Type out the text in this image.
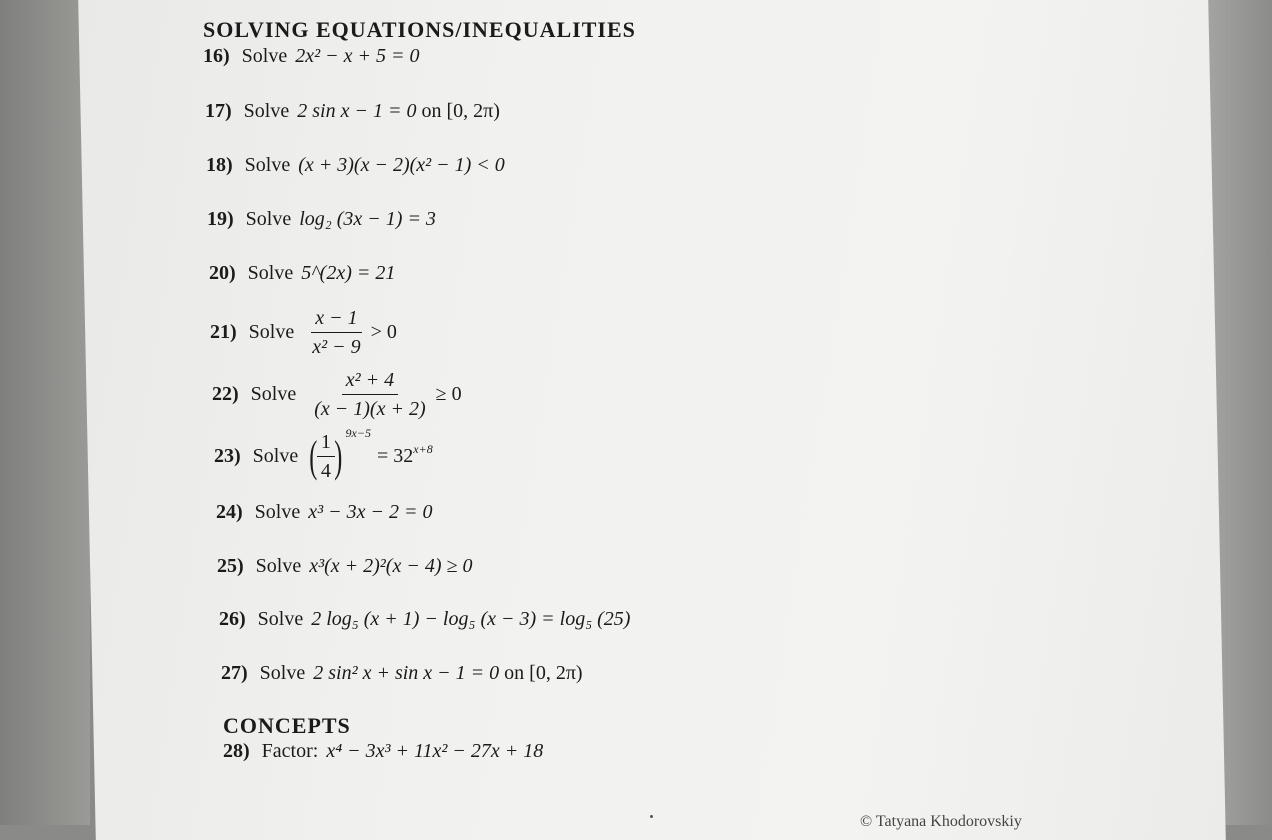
SOLVING EQUATIONS/INEQUALITIES
16) Solve 2x² − x + 5 = 0
17) Solve 2 sin x − 1 = 0
on [0, 2π)
18) Solve (x + 3)(x − 2)(x² − 1) < 0
19) Solve log₂ (3x − 1) = 3
20) Solve 5^(2x) = 21
21) Solve $\frac{x - 1}{\text{x² − 9}} > 0$
22) Solve $\frac{\text{x² + 4}}{(x - 1)(x + 2)} \ge 0$
23) Solve ( $\frac{1}{4}$ ) 9x−5
= 32 x+8
24) Solve x³ − 3x − 2 = 0
25) Solve x³(x + 2)²(x − 4) ≥ 0
26) Solve 2 log₅ (x + 1) − log₅ (x − 3) = log₅ (25)
27) Solve 2 sin² x + sin x − 1 = 0
on [0, 2π)
CONCEPTS
28) Factor: x⁴ − 3x³ + 11x² − 27x + 18
© Tatyana Khodorovskiy
